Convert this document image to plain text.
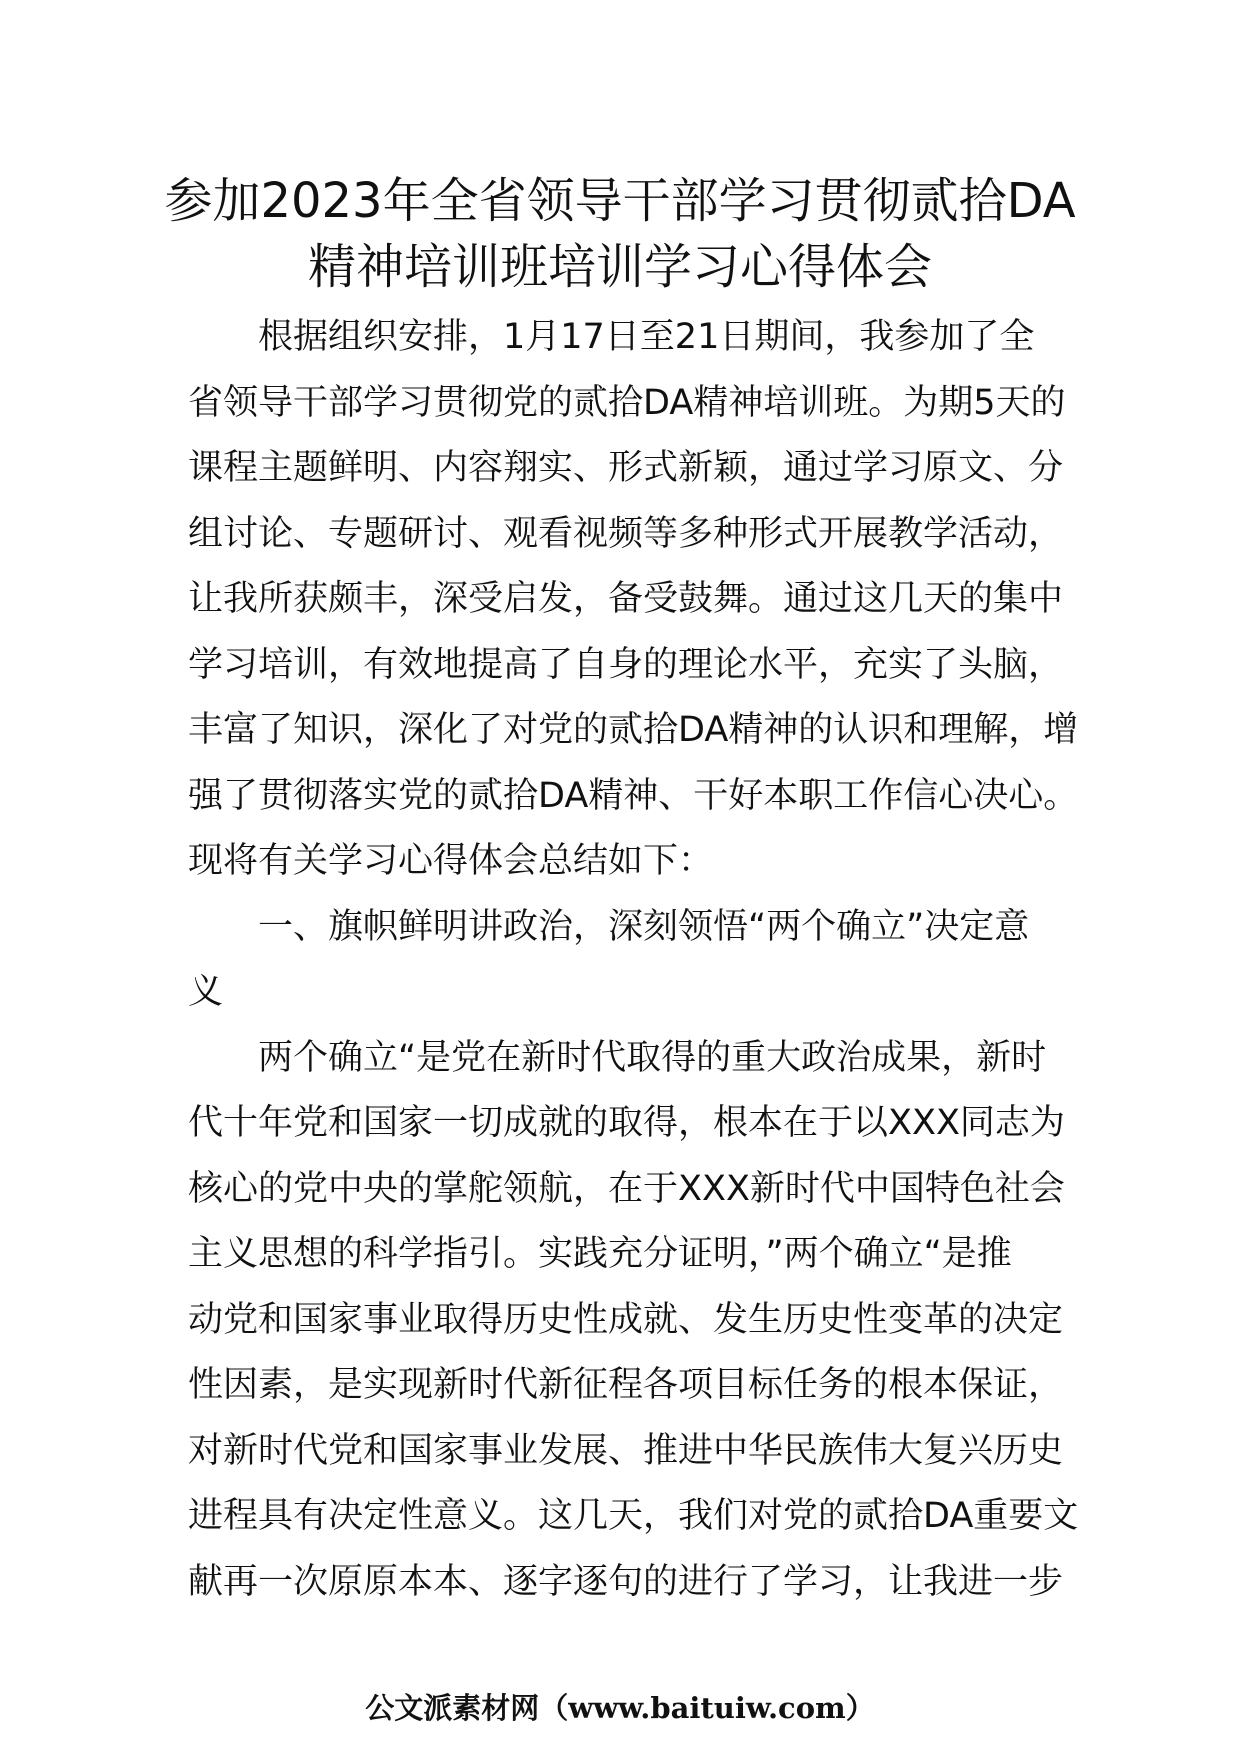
参加2023年全省领导干部学习贯彻贰拾DA
精神培训班培训学习心得体会
根据组织安排，1月17日至21日期间，我参加了全
省领导干部学习贯彻党的贰拾DA精神培训班。为期5天的
课程主题鲜明、内容翔实、形式新颖，通过学习原文、分
组讨论、专题研讨、观看视频等多种形式开展教学活动，
让我所获颇丰，深受启发，备受鼓舞。通过这几天的集中
学习培训，有效地提高了自身的理论水平，充实了头脑，
丰富了知识，深化了对党的贰拾DA精神的认识和理解，增
强了贯彻落实党的贰拾DA精神、干好本职工作信心决心。
现将有关学习心得体会总结如下：
一、旗帜鲜明讲政治，深刻领悟“两个确立”决定意
义
两个确立“是党在新时代取得的重大政治成果，新时
代十年党和国家一切成就的取得，根本在于以XXX同志为
核心的党中央的掌舵领航，在于XXX新时代中国特色社会
主义思想的科学指引。实践充分证明，”两个确立“是推
动党和国家事业取得历史性成就、发生历史性变革的决定
性因素，是实现新时代新征程各项目标任务的根本保证，
对新时代党和国家事业发展、推进中华民族伟大复兴历史
进程具有决定性意义。这几天，我们对党的贰拾DA重要文
献再一次原原本本、逐字逐句的进行了学习，让我进一步
公文派素材网（www.baituiw.com）
